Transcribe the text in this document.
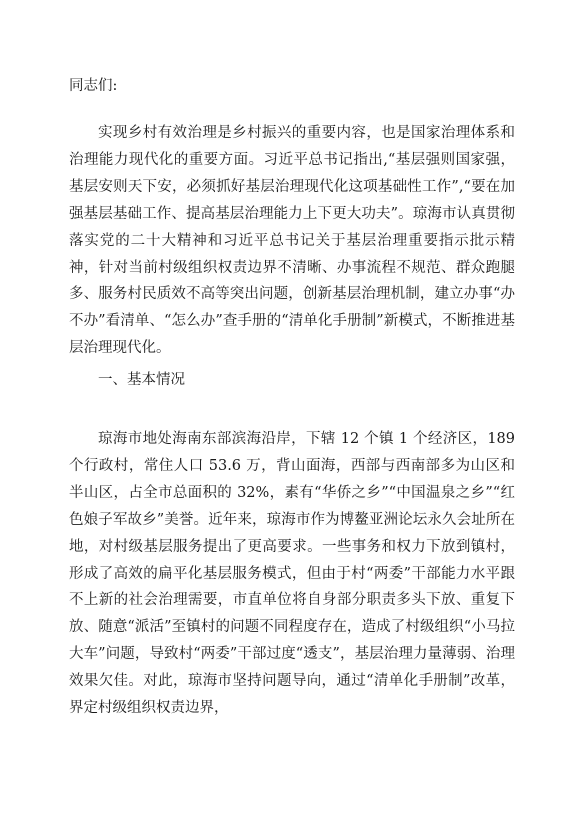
同志们:

实现乡村有效治理是乡村振兴的重要内容，也是国家治理体系和治理能力现代化的重要方面。习近平总书记指出,“基层强则国家强，基层安则天下安，必须抓好基层治理现代化这项基础性工作”,“要在加强基层基础工作、提高基层治理能力上下更大功夫”。琼海市认真贯彻落实党的二十大精神和习近平总书记关于基层治理重要指示批示精神，针对当前村级组织权责边界不清晰、办事流程不规范、群众跑腿多、服务村民质效不高等突出问题，创新基层治理机制，建立办事“办不办”看清单、“怎么办”查手册的“清单化手册制”新模式，不断推进基层治理现代化。

一、基本情况

琼海市地处海南东部滨海沿岸，下辖 12 个镇 1 个经济区，189 个行政村，常住人口 53.6 万，背山面海，西部与西南部多为山区和半山区，占全市总面积的 32%，素有“华侨之乡”“中国温泉之乡”“红色娘子军故乡”美誉。近年来，琼海市作为博鳌亚洲论坛永久会址所在地，对村级基层服务提出了更高要求。一些事务和权力下放到镇村，形成了高效的扁平化基层服务模式，但由于村“两委”干部能力水平跟不上新的社会治理需要，市直单位将自身部分职责多头下放、重复下放、随意“派活”至镇村的问题不同程度存在，造成了村级组织“小马拉大车”问题，导致村“两委”干部过度“透支”，基层治理力量薄弱、治理效果欠佳。对此，琼海市坚持问题导向，通过“清单化手册制”改革，界定村级组织权责边界，
